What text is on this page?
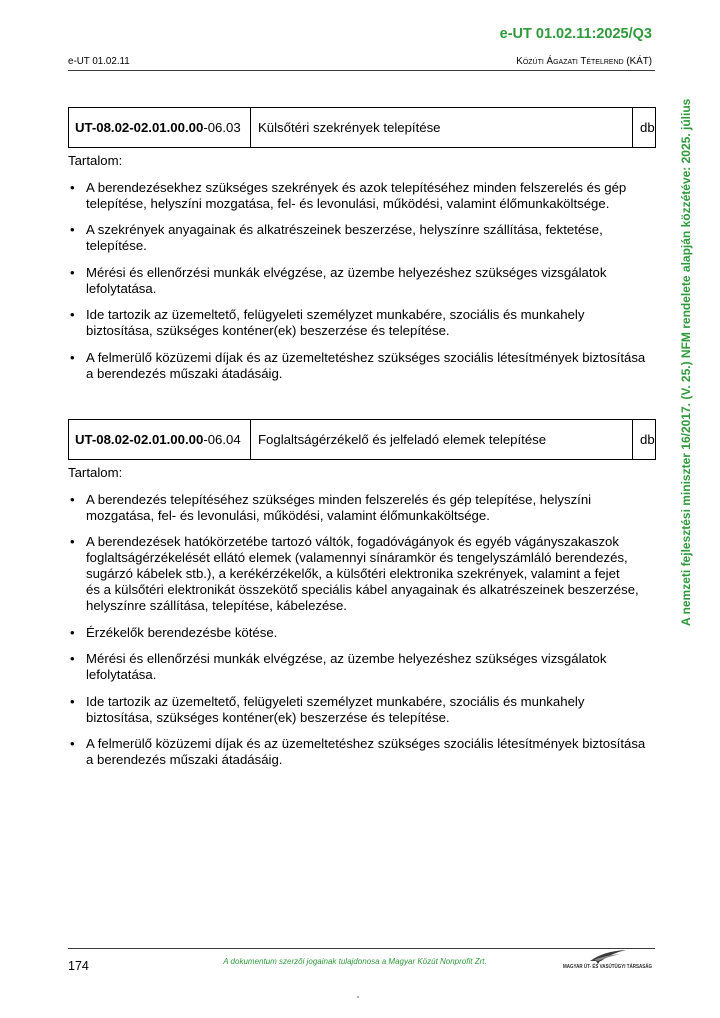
e-UT 01.02.11:2025/Q3
e-UT 01.02.11	Közúti Ágazati Tételrend (KÁT)
A nemzeti fejlesztési miniszter 16/2017. (V. 25.) NFM rendelete alapján közzétéve: 2025. július
UT-08.02-02.01.00.00 -06.03	Külsőtéri szekrények telepítése	db
Tartalom:
•
A berendezésekhez szükséges szekrények és azok telepítéséhez minden felszerelés és gép
telepítése, helyszíni mozgatása, fel- és levonulási, működési, valamint élőmunkaköltsége.
•
A szekrények anyagainak és alkatrészeinek beszerzése, helyszínre szállítása, fektetése,
telepítése.
•
Mérési és ellenőrzési munkák elvégzése, az üzembe helyezéshez szükséges vizsgálatok
lefolytatása.
•
Ide tartozik az üzemeltető, felügyeleti személyzet munkabére, szociális és munkahely
biztosítása, szükséges konténer(ek) beszerzése és telepítése.
•
A felmerülő közüzemi díjak és az üzemeltetéshez szükséges szociális létesítmények biztosítása
a berendezés műszaki átadásáig.
UT-08.02-02.01.00.00 -06.04	Foglaltságérzékelő és jelfeladó elemek telepítése	db
Tartalom:
•
A berendezés telepítéséhez szükséges minden felszerelés és gép telepítése, helyszíni
mozgatása, fel- és levonulási, működési, valamint élőmunkaköltsége.
•
A berendezések hatókörzetébe tartozó váltók, fogadóvágányok és egyéb vágányszakaszok
foglaltságérzékelését ellátó elemek (valamennyi sínáramkör és tengelyszámláló berendezés,
sugárzó kábelek stb.), a kerékérzékelők, a külsőtéri elektronika szekrények, valamint a fejet
és a külsőtéri elektronikát összekötő speciális kábel anyagainak és alkatrészeinek beszerzése,
helyszínre szállítása, telepítése, kábelezése.
•
Érzékelők berendezésbe kötése.
•
Mérési és ellenőrzési munkák elvégzése, az üzembe helyezéshez szükséges vizsgálatok
lefolytatása.
•
Ide tartozik az üzemeltető, felügyeleti személyzet munkabére, szociális és munkahely
biztosítása, szükséges konténer(ek) beszerzése és telepítése.
•
A felmerülő közüzemi díjak és az üzemeltetéshez szükséges szociális létesítmények biztosítása
a berendezés műszaki átadásáig.
174	A dokumentum szerzői jogainak tulajdonosa a Magyar Közút Nonprofit Zrt.
MAGYAR ÚT- ÉS VASÚTÜGYI TÁRSASÁG
